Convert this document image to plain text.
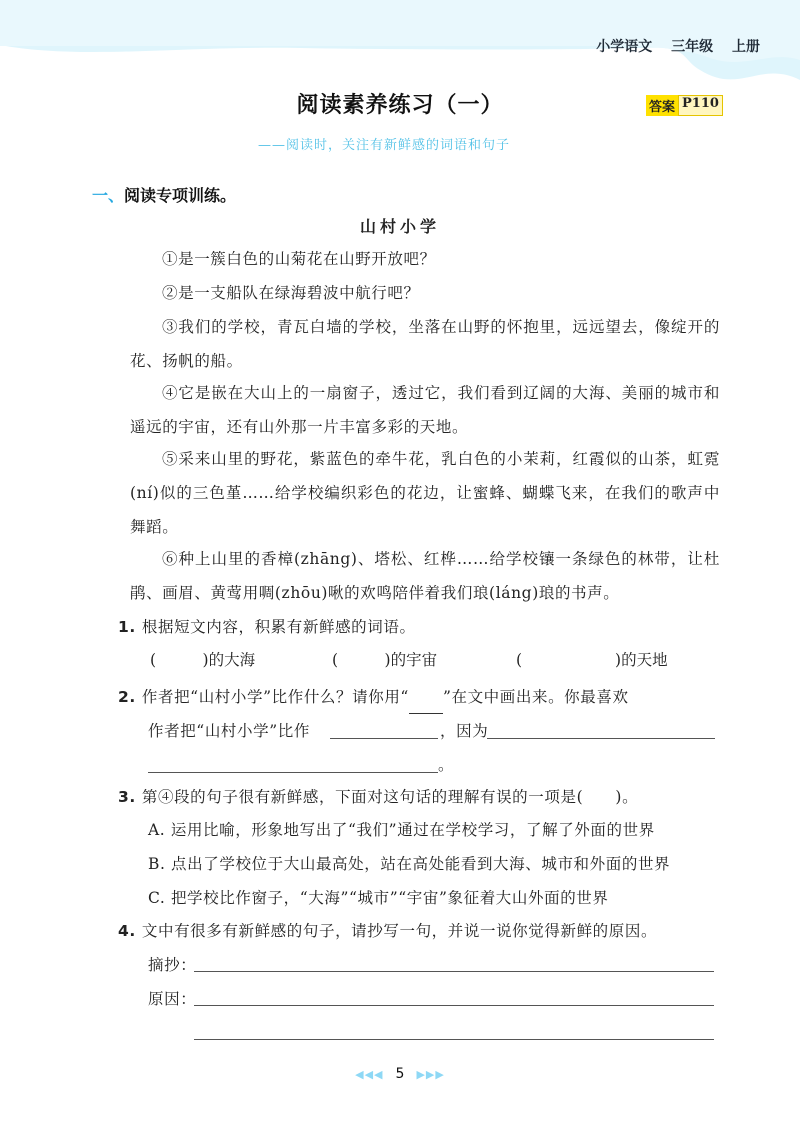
小学语文 三年级 上册
阅读素养练习（一）	答案 P110
——阅读时，关注有新鲜感的词语和句子
一、阅读专项训练。
山村小学
①是一簇白色的山菊花在山野开放吧？
②是一支船队在绿海碧波中航行吧？
③我们的学校，青瓦白墙的学校，坐落在山野的怀抱里，远远望去，像绽开的花、扬帆的船。
④它是嵌在大山上的一扇窗子，透过它，我们看到辽阔的大海、美丽的城市和遥远的宇宙，还有山外那一片丰富多彩的天地。
⑤采来山里的野花，紫蓝色的牵牛花，乳白色的小茉莉，红霞似的山茶，虹霓(ní)似的三色堇……给学校编织彩色的花边，让蜜蜂、蝴蝶飞来，在我们的歌声中舞蹈。
⑥种上山里的香樟(zhāng)、塔松、红桦……给学校镶一条绿色的林带，让杜鹃、画眉、黄莺用啁(zhōu)啾的欢鸣陪伴着我们琅(láng)琅的书声。
1. 根据短文内容，积累有新鲜感的词语。
(　　　)的大海	(　　　)的宇宙	(　　　　　　)的天地
2. 作者把“山村小学”比作什么？请你用“ ”在文中画出来。你最喜欢
作者把“山村小学”比作	，因为
。
3. 第④段的句子很有新鲜感，下面对这句话的理解有误的一项是(　　)。
A. 运用比喻，形象地写出了“我们”通过在学校学习，了解了外面的世界
B. 点出了学校位于大山最高处，站在高处能看到大海、城市和外面的世界
C. 把学校比作窗子，“大海”“城市”“宇宙”象征着大山外面的世界
4. 文中有很多有新鲜感的句子，请抄写一句，并说一说你觉得新鲜的原因。
摘抄：
原因：
◀◀◀ 5 ▶▶▶
